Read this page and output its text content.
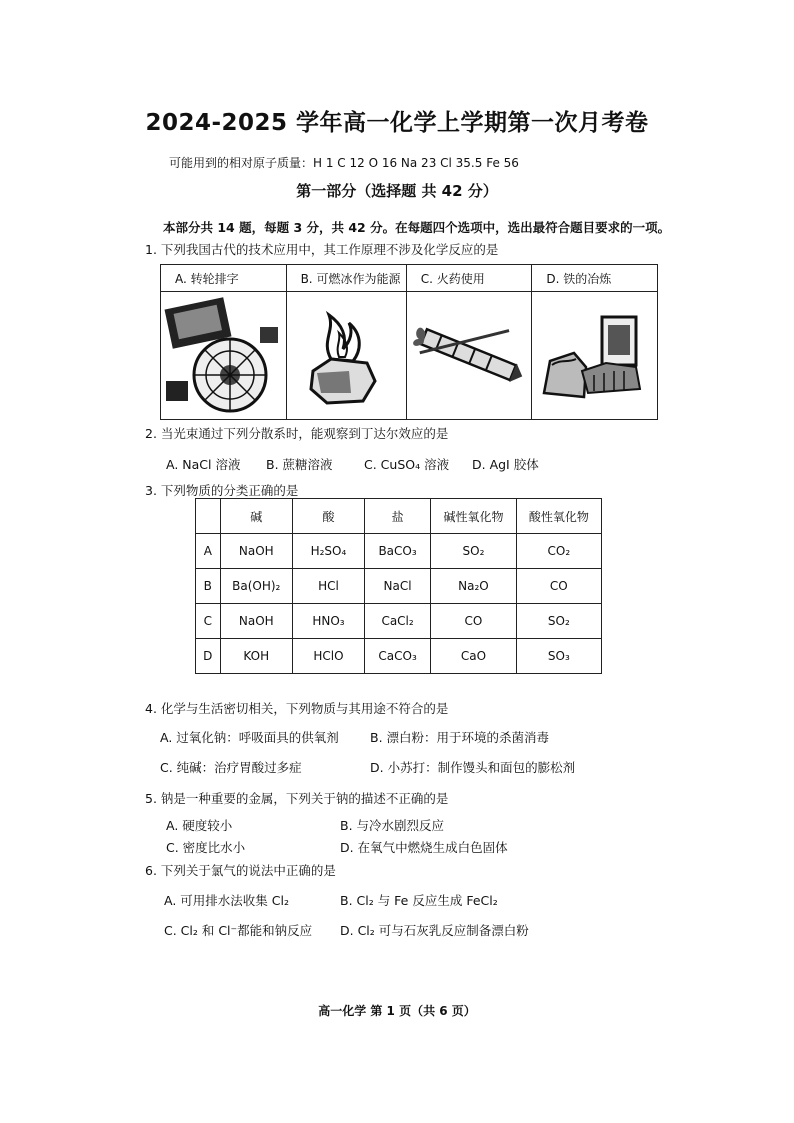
2024-2025 学年高一化学上学期第一次月考卷
可能用到的相对原子质量：H 1 C 12 O 16 Na 23 Cl 35.5 Fe 56
第一部分（选择题 共 42 分）
本部分共 14 题，每题 3 分，共 42 分。在每题四个选项中，选出最符合题目要求的一项。
1. 下列我国古代的技术应用中，其工作原理不涉及化学反应的是
A. 转轮排字	B. 可燃冰作为能源	C. 火药使用	D. 铁的冶炼

2. 当光束通过下列分散系时，能观察到丁达尔效应的是
A. NaCl 溶液 B. 蔗糖溶液	C. CuSO₄ 溶液 D. AgI 胶体
3. 下列物质的分类正确的是
	碱	酸	盐	碱性氧化物	酸性氧化物
A	NaOH	H₂SO₄	BaCO₃	SO₂	CO₂
B	Ba(OH)₂	HCl	NaCl	Na₂O	CO
C	NaOH	HNO₃	CaCl₂	CO	SO₂
D	KOH	HClO	CaCO₃	CaO	SO₃
4. 化学与生活密切相关，下列物质与其用途不符合的是
A. 过氧化钠：呼吸面具的供氧剂 B. 漂白粉：用于环境的杀菌消毒
C. 纯碱：治疗胃酸过多症	D. 小苏打：制作馒头和面包的膨松剂
5. 钠是一种重要的金属，下列关于钠的描述不正确的是
A. 硬度较小	B. 与冷水剧烈反应
C. 密度比水小	D. 在氧气中燃烧生成白色固体
6. 下列关于氯气的说法中正确的是
A. 可用排水法收集 Cl₂	B. Cl₂ 与 Fe 反应生成 FeCl₂
C. Cl₂ 和 Cl⁻都能和钠反应 D. Cl₂ 可与石灰乳反应制备漂白粉
高一化学 第 1 页（共 6 页）
